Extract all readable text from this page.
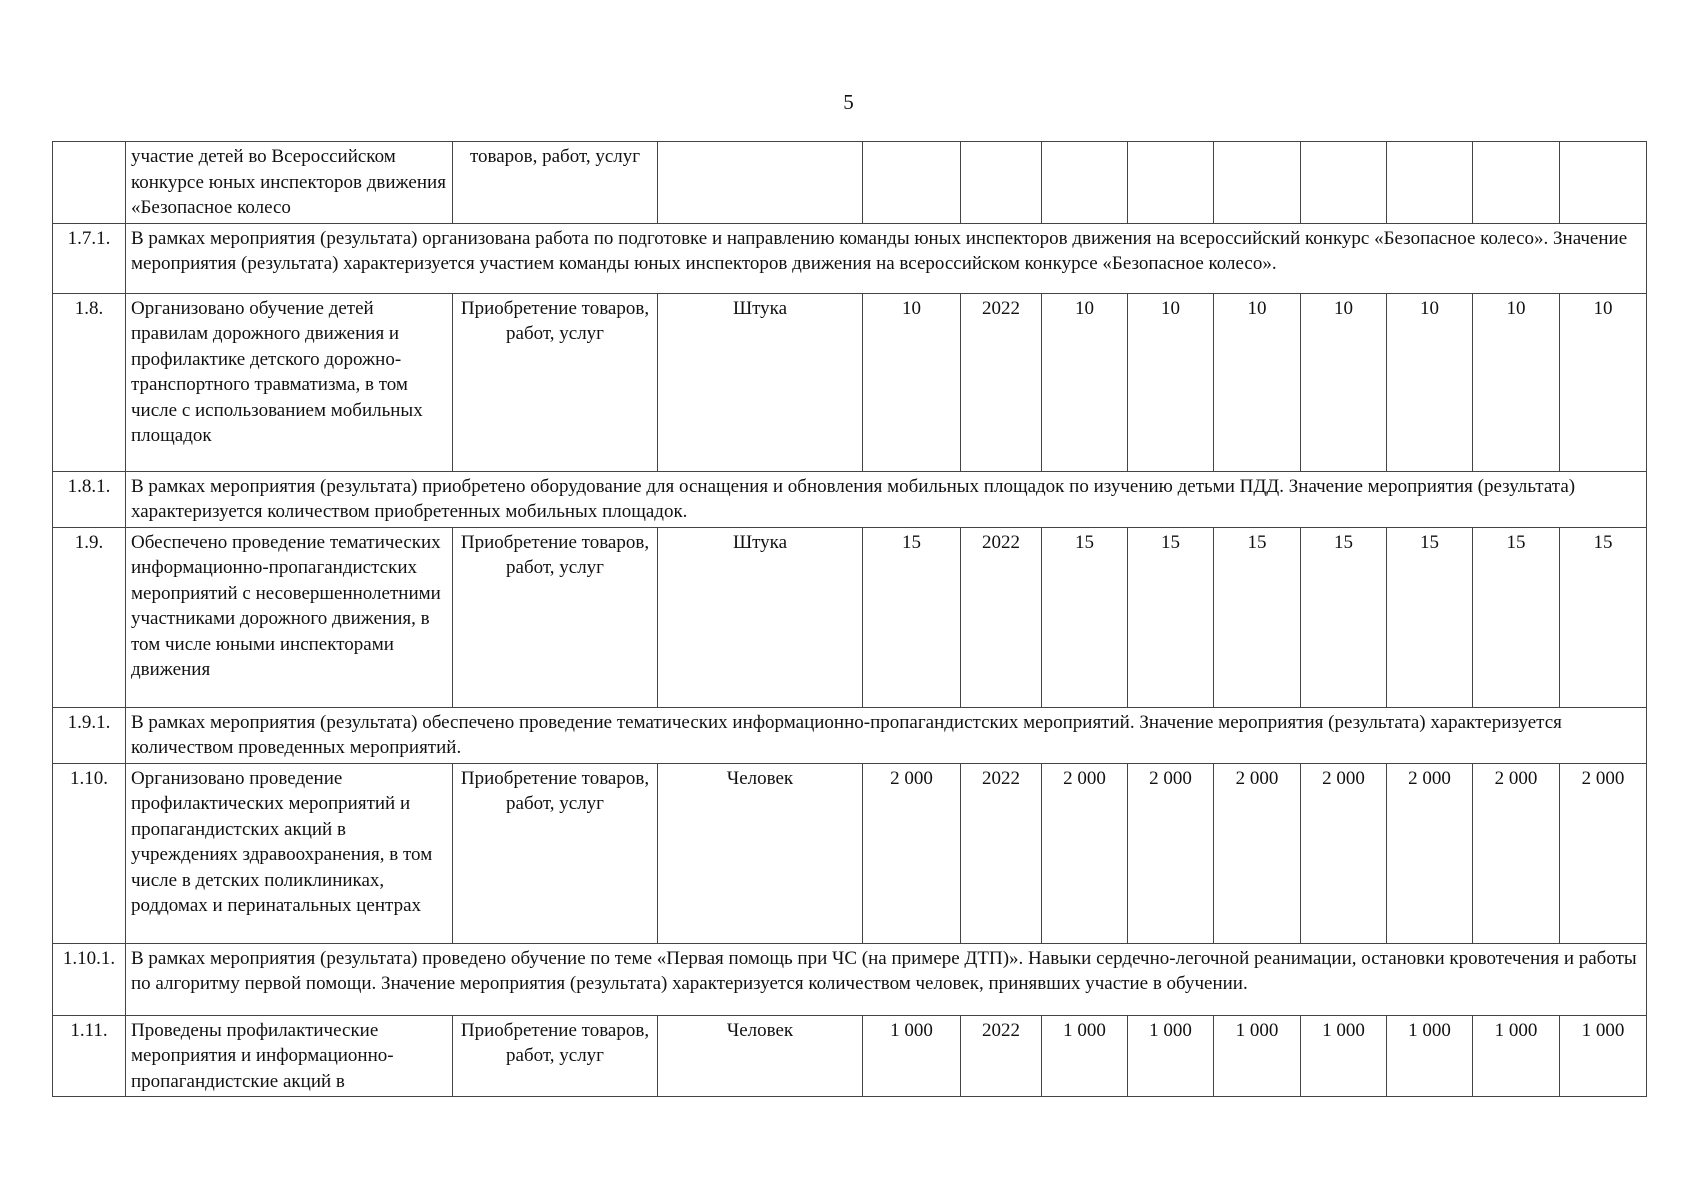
5
	участие детей во Всероссийском конкурсе юных инспекторов движения «Безопасное колесо	товаров, работ, услуг										
1.7.1.	В рамках мероприятия (результата) организована работа по подготовке и направлению команды юных инспекторов движения на всероссийский конкурс «Безопасное колесо». Значение мероприятия (результата) характеризуется участием команды юных инспекторов движения на всероссийском конкурсе «Безопасное колесо».											
1.8.	Организовано обучение детей правилам дорожного движения и профилактике детского дорожно-транспортного травматизма, в том числе с использованием мобильных площадок	Приобретение товаров, работ, услуг	Штука	10	2022	10	10	10	10	10	10	10
1.8.1.	В рамках мероприятия (результата) приобретено оборудование для оснащения и обновления мобильных площадок по изучению детьми ПДД. Значение мероприятия (результата) характеризуется количеством приобретенных мобильных площадок.											
1.9.	Обеспечено проведение тематических информационно-пропагандистских мероприятий с несовершеннолетними участниками дорожного движения, в том числе юными инспекторами движения	Приобретение товаров, работ, услуг	Штука	15	2022	15	15	15	15	15	15	15
1.9.1.	В рамках мероприятия (результата) обеспечено проведение тематических информационно-пропагандистских мероприятий. Значение мероприятия (результата) характеризуется количеством проведенных мероприятий.											
1.10.	Организовано проведение профилактических мероприятий и пропагандистских акций в учреждениях здравоохранения, в том числе в детских поликлиниках, роддомах и перинатальных центрах	Приобретение товаров, работ, услуг	Человек	2 000	2022	2 000	2 000	2 000	2 000	2 000	2 000	2 000
1.10.1.	В рамках мероприятия (результата) проведено обучение по теме «Первая помощь при ЧС (на примере ДТП)». Навыки сердечно-легочной реанимации, остановки кровотечения и работы по алгоритму первой помощи. Значение мероприятия (результата) характеризуется количеством человек, принявших участие в обучении.											
1.11.	Проведены профилактические мероприятия и информационно-пропагандистские акций в	Приобретение товаров, работ, услуг	Человек	1 000	2022	1 000	1 000	1 000	1 000	1 000	1 000	1 000
